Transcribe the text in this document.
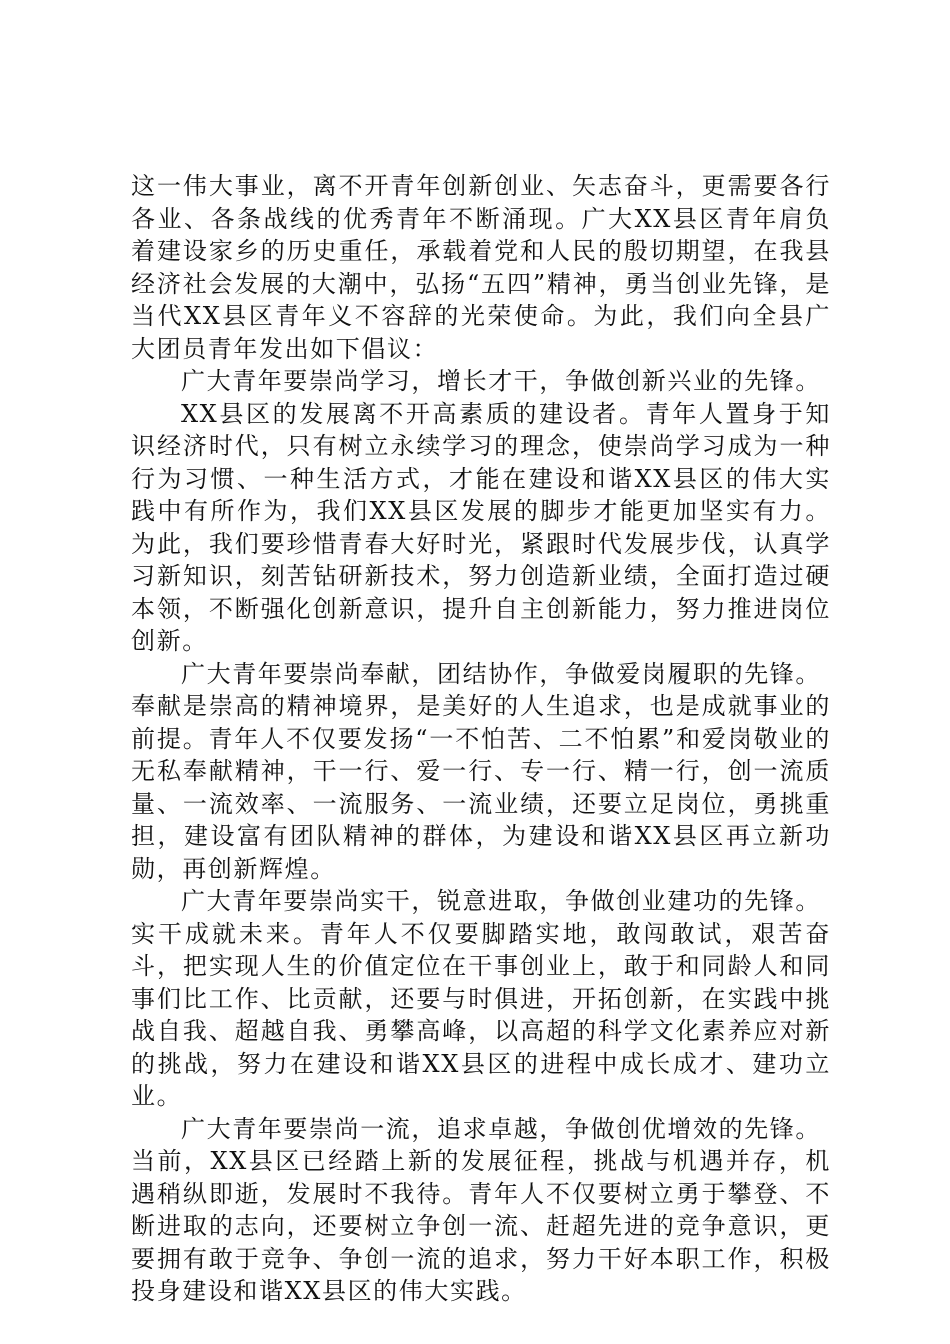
这一伟大事业，离不开青年创新创业、矢志奋斗，更需要各行各业、各条战线的优秀青年不断涌现。广大XX县区青年肩负着建设家乡的历史重任，承载着党和人民的殷切期望，在我县经济社会发展的大潮中，弘扬“五四”精神，勇当创业先锋，是当代XX县区青年义不容辞的光荣使命。为此，我们向全县广大团员青年发出如下倡议：

广大青年要崇尚学习，增长才干，争做创新兴业的先锋。

XX县区的发展离不开高素质的建设者。青年人置身于知识经济时代，只有树立永续学习的理念，使崇尚学习成为一种行为习惯、一种生活方式，才能在建设和谐XX县区的伟大实践中有所作为，我们XX县区发展的脚步才能更加坚实有力。为此，我们要珍惜青春大好时光，紧跟时代发展步伐，认真学习新知识，刻苦钻研新技术，努力创造新业绩，全面打造过硬本领，不断强化创新意识，提升自主创新能力，努力推进岗位创新。

广大青年要崇尚奉献，团结协作，争做爱岗履职的先锋。

奉献是崇高的精神境界，是美好的人生追求，也是成就事业的前提。青年人不仅要发扬“一不怕苦、二不怕累”和爱岗敬业的无私奉献精神，干一行、爱一行、专一行、精一行，创一流质量、一流效率、一流服务、一流业绩，还要立足岗位，勇挑重担，建设富有团队精神的群体，为建设和谐XX县区再立新功勋，再创新辉煌。

广大青年要崇尚实干，锐意进取，争做创业建功的先锋。

实干成就未来。青年人不仅要脚踏实地，敢闯敢试，艰苦奋斗，把实现人生的价值定位在干事创业上，敢于和同龄人和同事们比工作、比贡献，还要与时俱进，开拓创新，在实践中挑战自我、超越自我、勇攀高峰，以高超的科学文化素养应对新的挑战，努力在建设和谐XX县区的进程中成长成才、建功立业。

广大青年要崇尚一流，追求卓越，争做创优增效的先锋。

当前，XX县区已经踏上新的发展征程，挑战与机遇并存，机遇稍纵即逝，发展时不我待。青年人不仅要树立勇于攀登、不断进取的志向，还要树立争创一流、赶超先进的竞争意识，更要拥有敢于竞争、争创一流的追求，努力干好本职工作，积极投身建设和谐XX县区的伟大实践。
